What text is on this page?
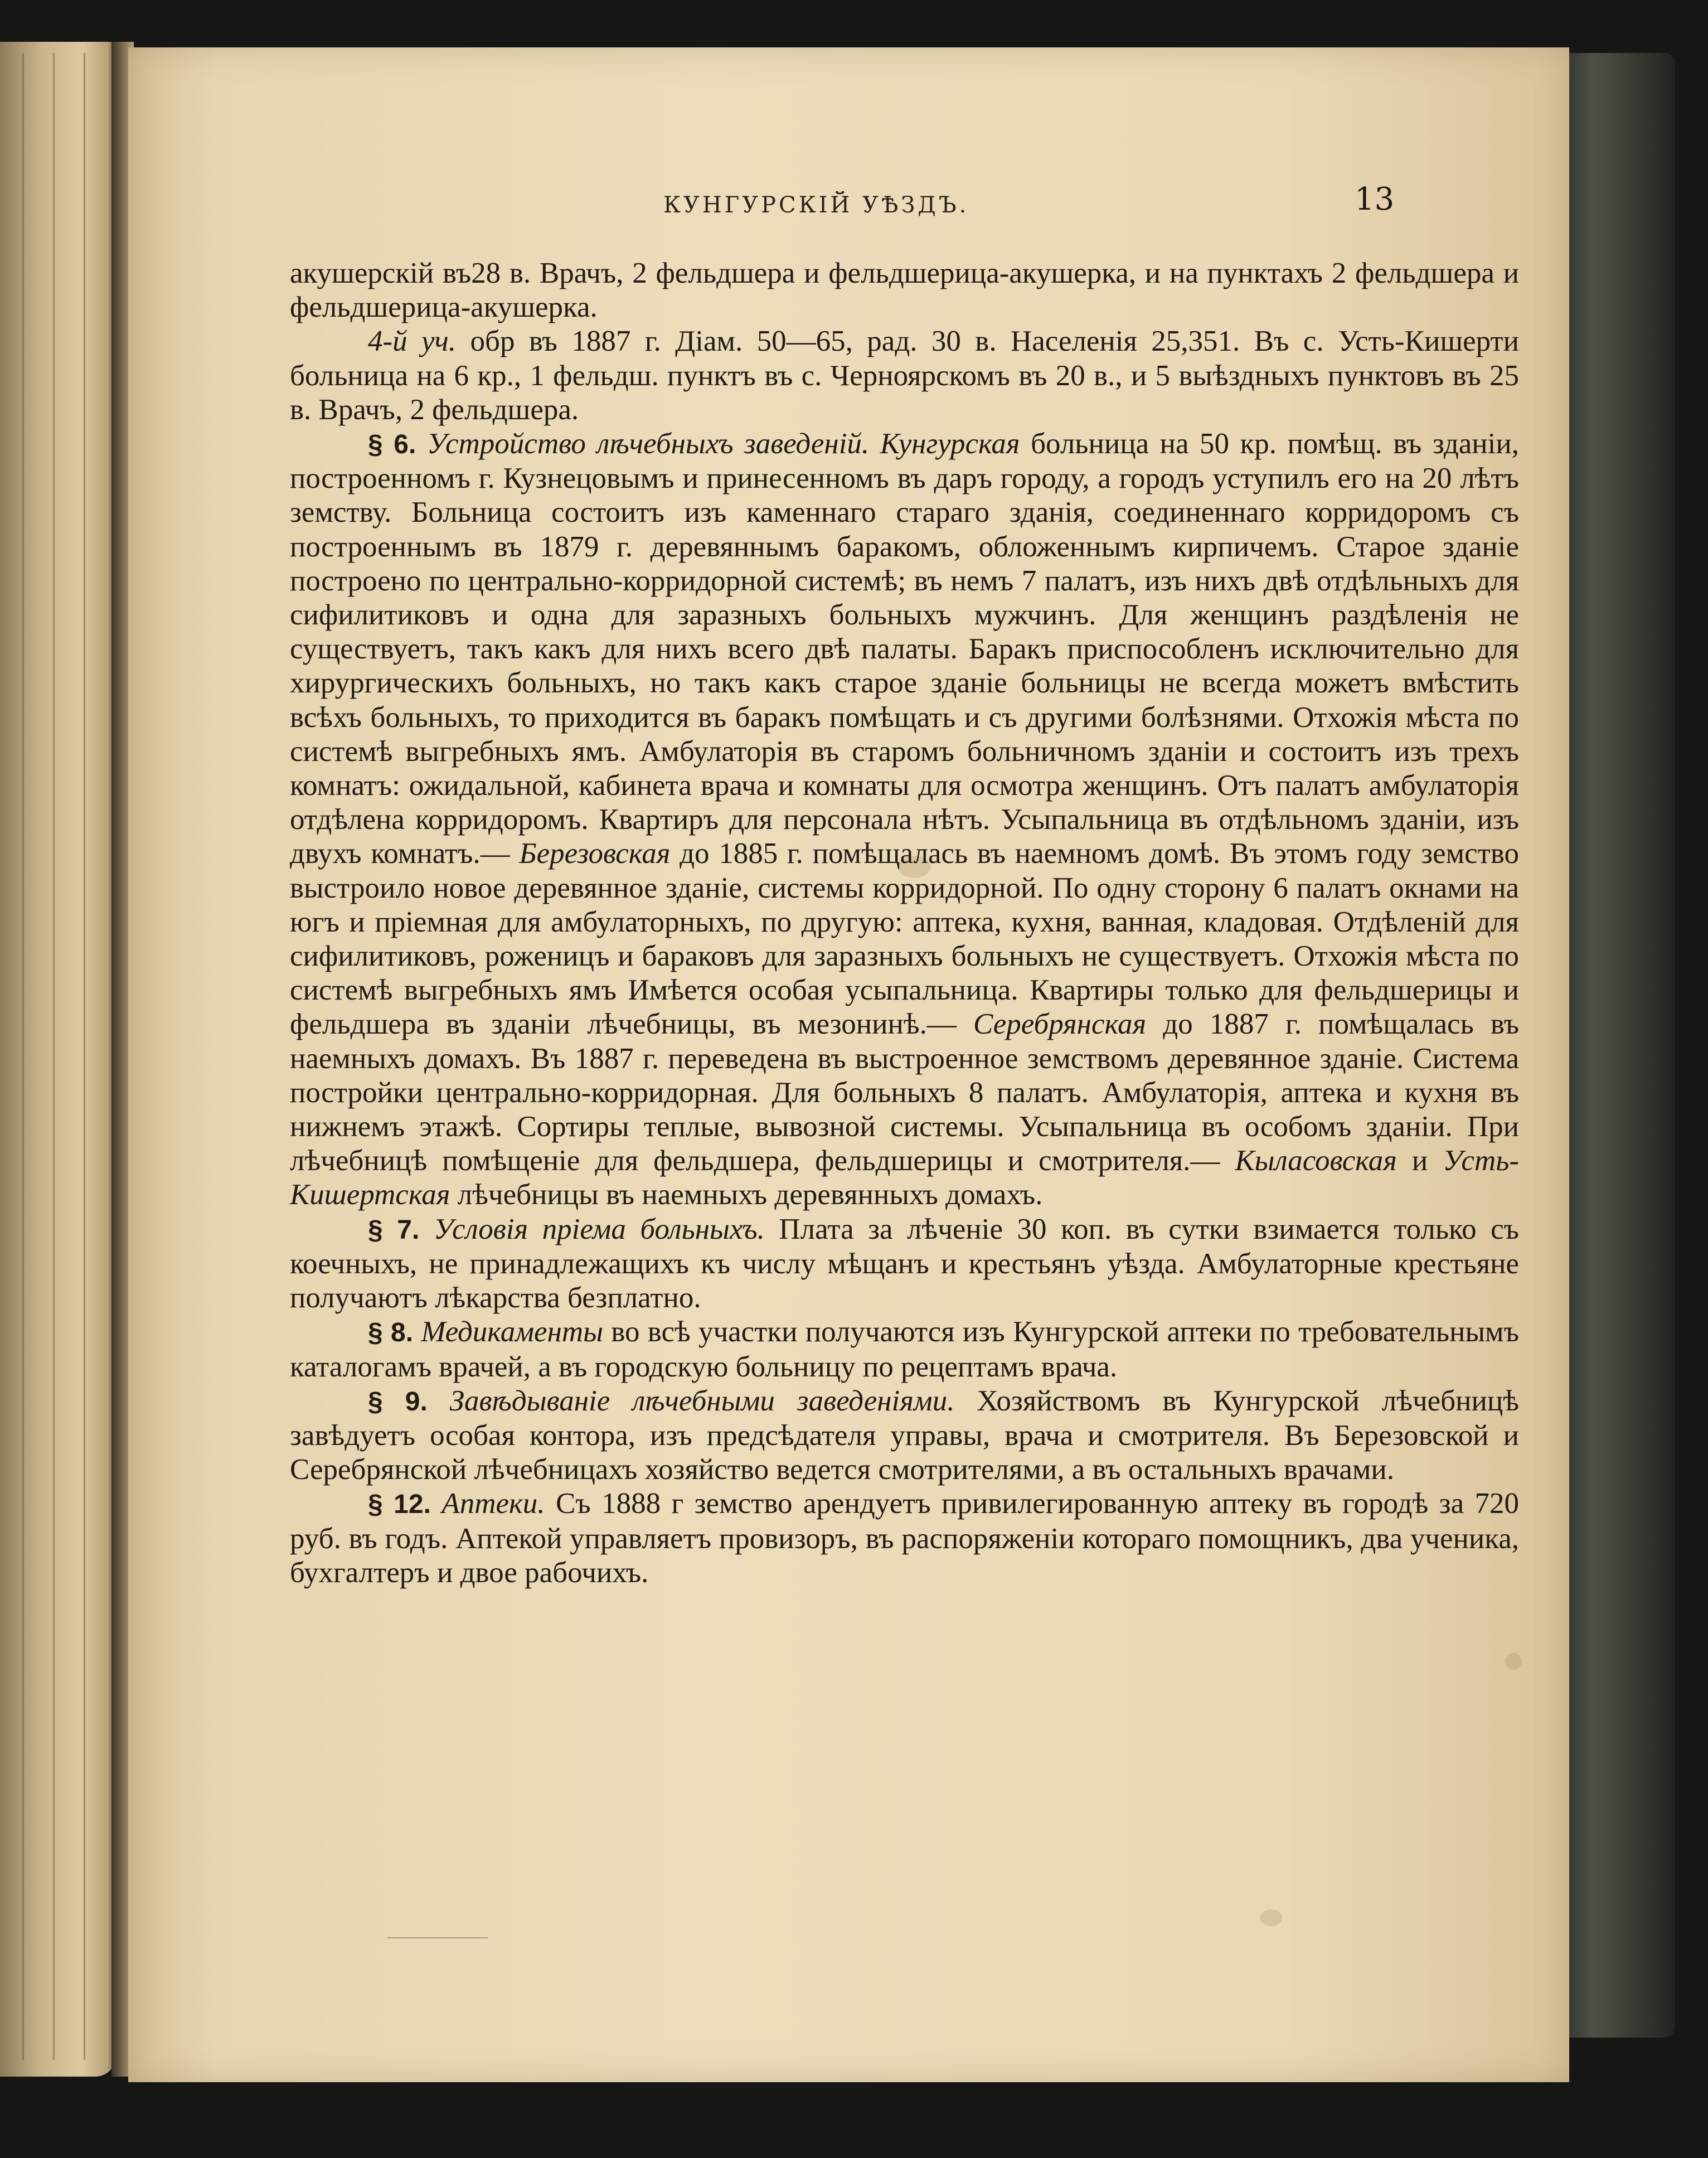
КУНГУРСКІЙ УѢЗДЪ.	13

акушерскій въ28 в. Врачъ, 2 фельдшера и фельдшерица-акушерка, и на пунктахъ 2 фельдшера и фельдшерица-акушерка.

4-й уч. обр въ 1887 г. Діам. 50—65, рад. 30 в. Населенія 25,351. Въ с. Усть-Кишерти больница на 6 кр., 1 фельдш. пунктъ въ с. Черноярскомъ въ 20 в., и 5 выѣздныхъ пунктовъ въ 25 в. Врачъ, 2 фельдшера.

§ 6. Устройство лѣчебныхъ заведеній. Кунгурская больница на 50 кр. помѣщ. въ зданіи, построенномъ г. Кузнецовымъ и принесенномъ въ даръ городу, а городъ уступилъ его на 20 лѣтъ земству. Больница состоитъ изъ каменнаго стараго зданія, соединеннаго корридоромъ съ построеннымъ въ 1879 г. деревяннымъ баракомъ, обложеннымъ кирпичемъ. Старое зданіе построено по центрально-корридорной системѣ; въ немъ 7 палатъ, изъ нихъ двѣ отдѣльныхъ для сифилитиковъ и одна для заразныхъ больныхъ мужчинъ. Для женщинъ раздѣленія не существуетъ, такъ какъ для нихъ всего двѣ палаты. Баракъ приспособленъ исключительно для хирургическихъ больныхъ, но такъ какъ старое зданіе больницы не всегда можетъ вмѣстить всѣхъ больныхъ, то приходится въ баракъ помѣщать и съ другими болѣзнями. Отхожія мѣста по системѣ выгребныхъ ямъ. Амбулаторія въ старомъ больничномъ зданіи и состоитъ изъ трехъ комнатъ: ожидальной, кабинета врача и комнаты для осмотра женщинъ. Отъ палатъ амбулаторія отдѣлена корридоромъ. Квартиръ для персонала нѣтъ. Усыпальница въ отдѣльномъ зданіи, изъ двухъ комнатъ.— Березовская до 1885 г. помѣщалась въ наемномъ домѣ. Въ этомъ году земство выстроило новое деревянное зданіе, системы корридорной. По одну сторону 6 палатъ окнами на югъ и пріемная для амбулаторныхъ, по другую: аптека, кухня, ванная, кладовая. Отдѣленій для сифилитиковъ, роженицъ и бараковъ для заразныхъ больныхъ не существуетъ. Отхожія мѣста по системѣ выгребныхъ ямъ Имѣется особая усыпальница. Квартиры только для фельдшерицы и фельдшера въ зданіи лѣчебницы, въ мезонинѣ.— Серебрянская до 1887 г. помѣщалась въ наемныхъ домахъ. Въ 1887 г. переведена въ выстроенное земствомъ деревянное зданіе. Система постройки центрально-корридорная. Для больныхъ 8 палатъ. Амбулаторія, аптека и кухня въ нижнемъ этажѣ. Сортиры теплые, вывозной системы. Усыпальница въ особомъ зданіи. При лѣчебницѣ помѣщеніе для фельдшера, фельдшерицы и смотрителя.— Кыласовская и Усть-Кишертская лѣчебницы въ наемныхъ деревянныхъ домахъ.

§ 7. Условія пріема больныхъ. Плата за лѣченіе 30 коп. въ сутки взимается только съ коечныхъ, не принадлежащихъ къ числу мѣщанъ и крестьянъ уѣзда. Амбулаторные крестьяне получаютъ лѣкарства безплатно.

§ 8. Медикаменты во всѣ участки получаются изъ Кунгурской аптеки по требовательнымъ каталогамъ врачей, а въ городскую больницу по рецептамъ врача.

§ 9. Завѣдываніе лѣчебными заведеніями. Хозяйствомъ въ Кунгурской лѣчебницѣ завѣдуетъ особая контора, изъ предсѣдателя управы, врача и смотрителя. Въ Березовской и Серебрянской лѣчебницахъ хозяйство ведется смотрителями, а въ остальныхъ врачами.

§ 12. Аптеки. Съ 1888 г земство арендуетъ привилегированную аптеку въ городѣ за 720 руб. въ годъ. Аптекой управляетъ провизоръ, въ распоряженіи котораго помощникъ, два ученика, бухгалтеръ и двое рабочихъ.
